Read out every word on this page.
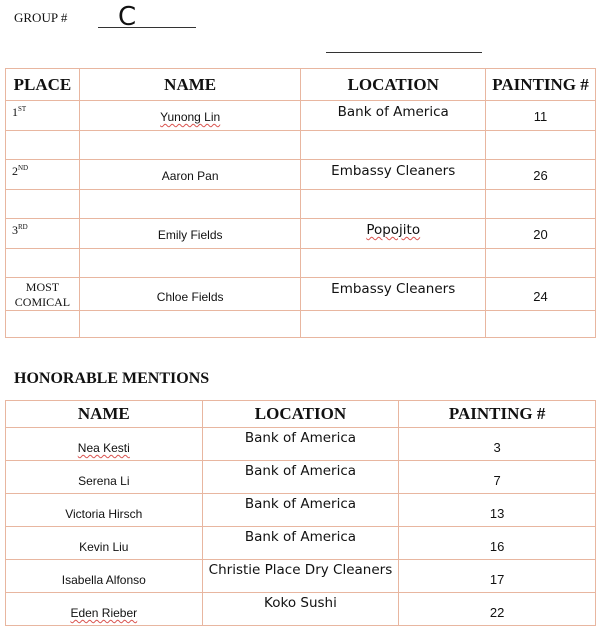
GROUP #	C
PLACE	NAME	LOCATION	PAINTING #
1ST	Yunong Lin	Bank of America	11

2ND	Aaron Pan	Embassy Cleaners	26

3RD	Emily Fields	Popojito	20

MOST
COMICAL	Chloe Fields	Embassy Cleaners	24

HONORABLE MENTIONS
NAME	LOCATION	PAINTING #
Nea Kesti	Bank of America	3
Serena Li	Bank of America	7
Victoria Hirsch	Bank of America	13
Kevin Liu	Bank of America	16
Isabella Alfonso	Christie Place Dry Cleaners	17
Eden Rieber	Koko Sushi	22
